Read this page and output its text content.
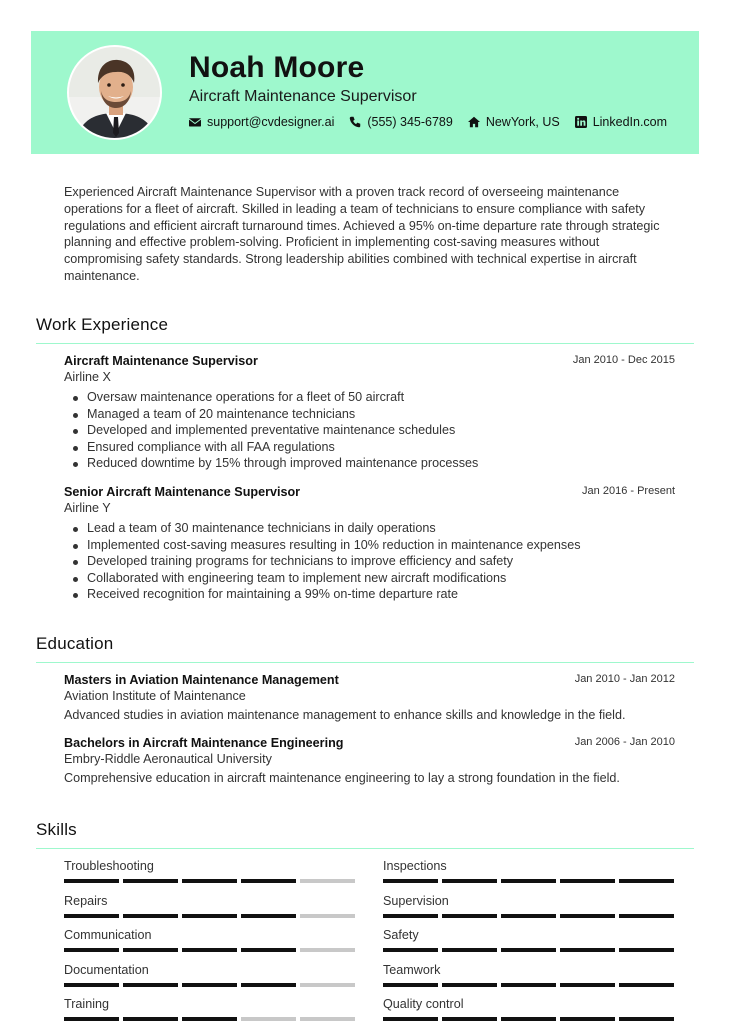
Noah Moore
Aircraft Maintenance Supervisor
support@cvdesigner.ai	(555) 345-6789	NewYork, US	LinkedIn.com

Experienced Aircraft Maintenance Supervisor with a proven track record of overseeing maintenance operations for a fleet of aircraft. Skilled in leading a team of technicians to ensure compliance with safety regulations and efficient aircraft turnaround times. Achieved a 95% on-time departure rate through strategic planning and effective problem-solving. Proficient in implementing cost-saving measures without compromising safety standards. Strong leadership abilities combined with technical expertise in aircraft maintenance.

Work Experience
Aircraft Maintenance Supervisor	Jan 2010 - Dec 2015
Airline X
Oversaw maintenance operations for a fleet of 50 aircraft
Managed a team of 20 maintenance technicians
Developed and implemented preventative maintenance schedules
Ensured compliance with all FAA regulations
Reduced downtime by 15% through improved maintenance processes
Senior Aircraft Maintenance Supervisor	Jan 2016 - Present
Airline Y
Lead a team of 30 maintenance technicians in daily operations
Implemented cost-saving measures resulting in 10% reduction in maintenance expenses
Developed training programs for technicians to improve efficiency and safety
Collaborated with engineering team to implement new aircraft modifications
Received recognition for maintaining a 99% on-time departure rate
Education
Masters in Aviation Maintenance Management	Jan 2010 - Jan 2012
Aviation Institute of Maintenance
Advanced studies in aviation maintenance management to enhance skills and knowledge in the field.
Bachelors in Aircraft Maintenance Engineering	Jan 2006 - Jan 2010
Embry-Riddle Aeronautical University
Comprehensive education in aircraft maintenance engineering to lay a strong foundation in the field.
Skills
Troubleshooting	Inspections
Repairs	Supervision
Communication	Safety
Documentation	Teamwork
Training	Quality control
